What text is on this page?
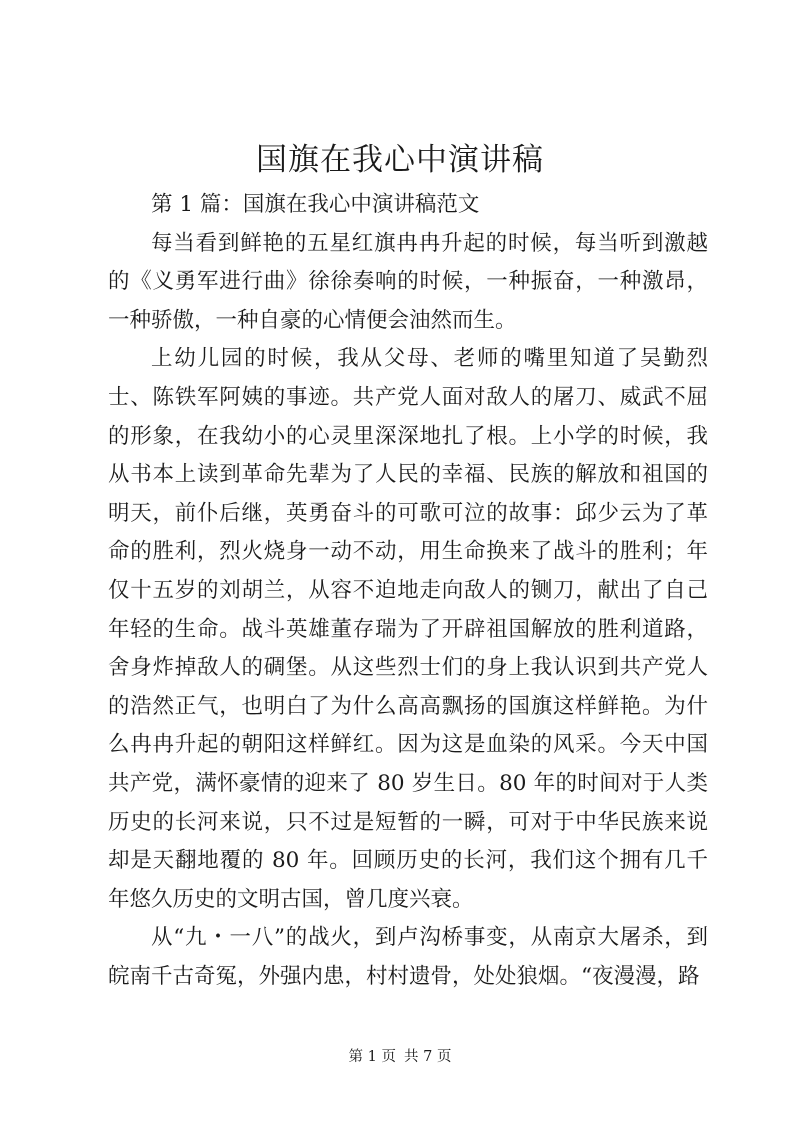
国旗在我心中演讲稿

第 1 篇：国旗在我心中演讲稿范文

每当看到鲜艳的五星红旗冉冉升起的时候，每当听到激越的《义勇军进行曲》徐徐奏响的时候，一种振奋，一种激昂，一种骄傲，一种自豪的心情便会油然而生。

上幼儿园的时候，我从父母、老师的嘴里知道了吴勤烈士、陈铁军阿姨的事迹。共产党人面对敌人的屠刀、威武不屈的形象，在我幼小的心灵里深深地扎了根。上小学的时候，我从书本上读到革命先辈为了人民的幸福、民族的解放和祖国的明天，前仆后继，英勇奋斗的可歌可泣的故事：邱少云为了革命的胜利，烈火烧身一动不动，用生命换来了战斗的胜利；年仅十五岁的刘胡兰，从容不迫地走向敌人的铡刀，献出了自己年轻的生命。战斗英雄董存瑞为了开辟祖国解放的胜利道路，舍身炸掉敌人的碉堡。从这些烈士们的身上我认识到共产党人的浩然正气，也明白了为什么高高飘扬的国旗这样鲜艳。为什么冉冉升起的朝阳这样鲜红。因为这是血染的风采。今天中国共产党，满怀豪情的迎来了 80 岁生日。80 年的时间对于人类历史的长河来说，只不过是短暂的一瞬，可对于中华民族来说却是天翻地覆的 80 年。回顾历史的长河，我们这个拥有几千年悠久历史的文明古国，曾几度兴衰。

从“九・一八”的战火，到卢沟桥事变，从南京大屠杀，到皖南千古奇冤，外强内患，村村遗骨，处处狼烟。“夜漫漫，路

第 1 页 共 7 页
